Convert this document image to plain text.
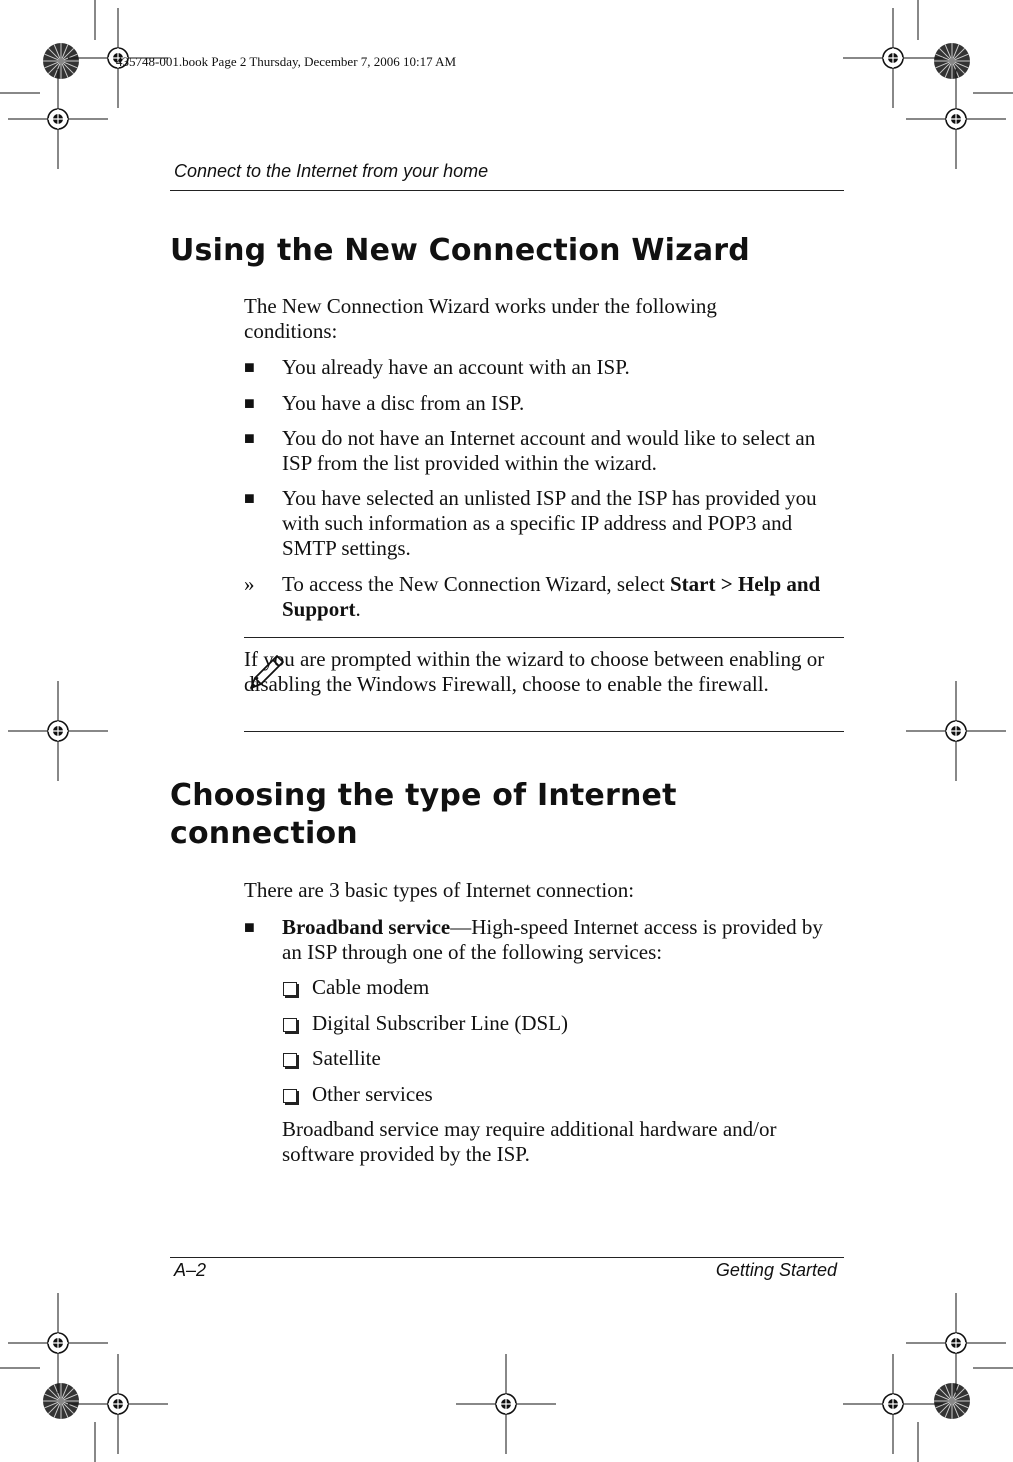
435748-001.book Page 2 Thursday, December 7, 2006 10:17 AM
Connect to the Internet from your home
Using the New Connection Wizard

The New Connection Wizard works under the following conditions:

■ You already have an account with an ISP.

■ You have a disc from an ISP.

■ You do not have an Internet account and would like to select an ISP from the list provided within the wizard.

■ You have selected an unlisted ISP and the ISP has provided you with such information as a specific IP address and POP3 and SMTP settings.

» To access the New Connection Wizard, select Start > Help and Support.

If you are prompted within the wizard to choose between enabling or disabling the Windows Firewall, choose to enable the firewall.

Choosing the type of Internet connection

There are 3 basic types of Internet connection:

■ Broadband service—High-speed Internet access is provided by an ISP through one of the following services:

Cable modem

Digital Subscriber Line (DSL)

Satellite

Other services

Broadband service may require additional hardware and/or software provided by the ISP.

A–2	Getting Started
